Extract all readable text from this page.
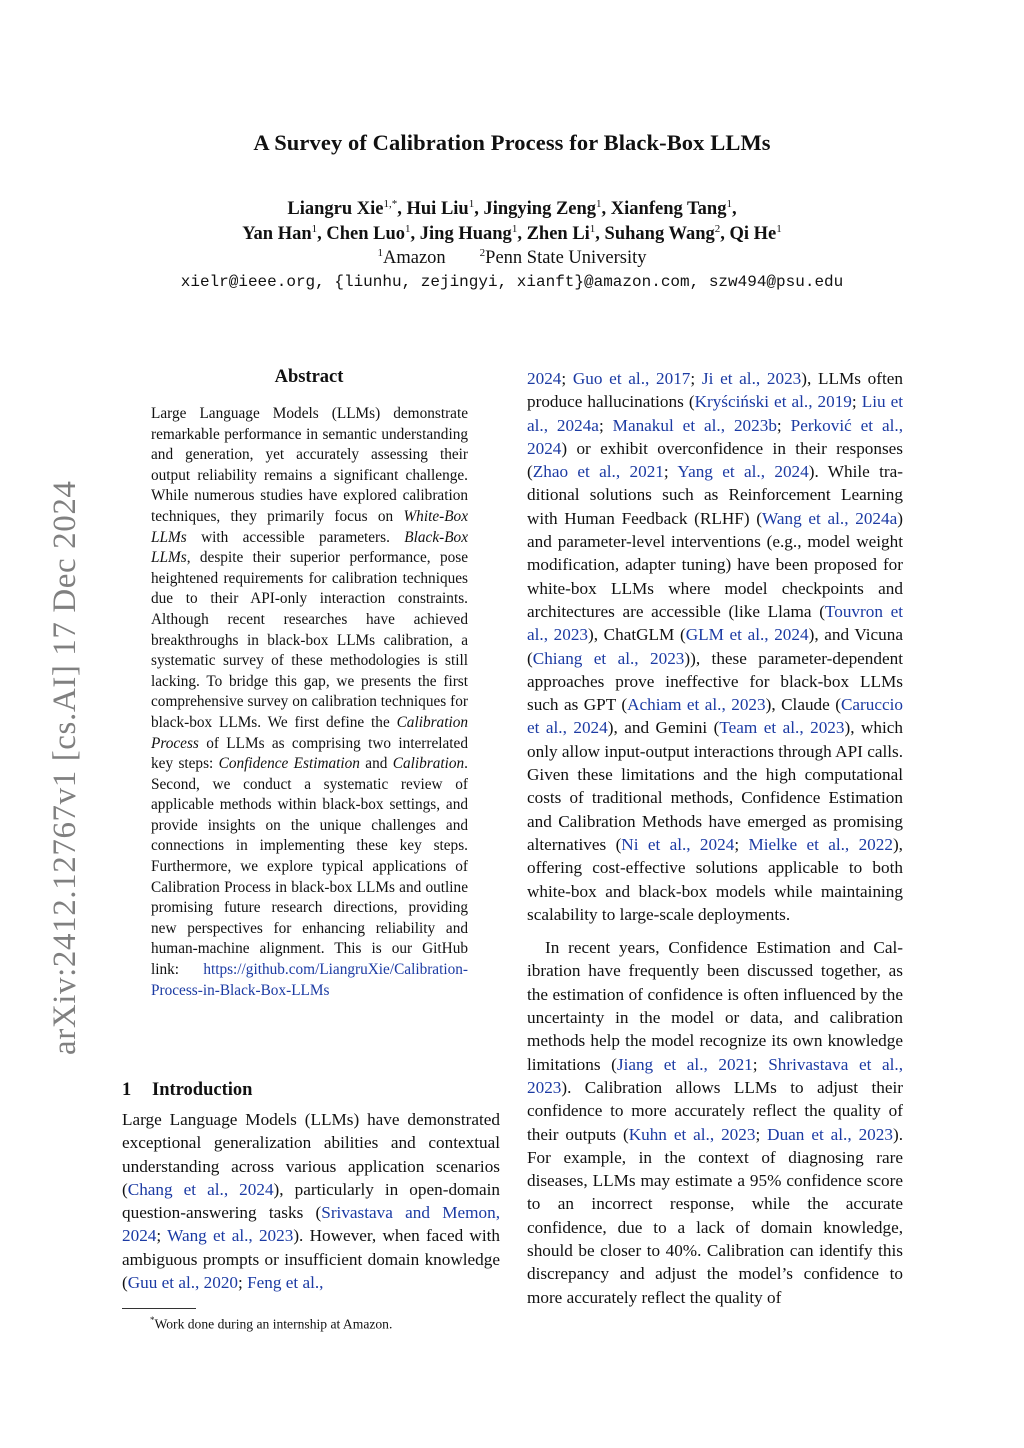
A Survey of Calibration Process for Black-Box LLMs
Liangru Xie$^{1,*}$, Hui Liu$^1$, Jingying Zeng$^1$, Xianfeng Tang$^1$,
Yan Han$^1$, Chen Luo$^1$, Jing Huang$^1$, Zhen Li$^1$, Suhang Wang$^2$, Qi He$^1$
$^1$Amazon	$^2$Penn State University
xielr@ieee.org, {liunhu, zejingyi, xianft}@amazon.com, szw494@psu.edu
arXiv:2412.12767v1 [cs.AI] 17 Dec 2024
Abstract

Large Language Models (LLMs) demonstrate remarkable performance in semantic understanding and generation, yet accurately assessing their output reliability remains a significant challenge. While numerous studies have explored calibration techniques, they primarily focus on White-Box LLMs with accessible parameters. Black-Box LLMs, despite their superior performance, pose heightened requirements for calibration techniques due to their API-only interaction constraints. Although recent researches have achieved breakthroughs in black-box LLMs calibration, a systematic survey of these methodologies is still lacking. To bridge this gap, we presents the first comprehensive survey on calibration techniques for black-box LLMs. We first define the Calibration Process of LLMs as comprising two interrelated key steps: Confidence Estimation and Calibration. Second, we conduct a systematic review of applicable methods within black-box settings, and provide insights on the unique challenges and connections in implementing these key steps. Furthermore, we explore typical applications of Calibration Process in black-box LLMs and outline promising future research directions, providing new perspectives for enhancing reliability and human-machine alignment. This is our GitHub link: https://github.com/LiangruXie/Calibration-Process-in-Black-Box-LLMs

1 Introduction

Large Language Models (LLMs) have demonstrated exceptional generalization abilities and contextual understanding across various application scenarios (Chang et al., 2024), particularly in open-domain question-answering tasks (Srivastava and Memon, 2024; Wang et al., 2023). However, when faced with ambiguous prompts or insufficient domain knowledge (Guu et al., 2020; Feng et al.,

*Work done during an internship at Amazon.

2024; Guo et al., 2017; Ji et al., 2023), LLMs often produce hallucinations (Kryściński et al., 2019; Liu et al., 2024a; Manakul et al., 2023b; Perković et al., 2024) or exhibit overconfidence in their responses (Zhao et al., 2021; Yang et al., 2024). While traditional solutions such as Reinforcement Learning with Human Feedback (RLHF) (Wang et al., 2024a) and parameter-level interventions (e.g., model weight modification, adapter tuning) have been proposed for white-box LLMs where model checkpoints and architectures are accessible (like Llama (Touvron et al., 2023), ChatGLM (GLM et al., 2024), and Vicuna (Chiang et al., 2023)), these parameter-dependent approaches prove ineffective for black-box LLMs such as GPT (Achiam et al., 2023), Claude (Caruccio et al., 2024), and Gemini (Team et al., 2023), which only allow input-output interactions through API calls. Given these limitations and the high computational costs of traditional methods, Confidence Estimation and Calibration Methods have emerged as promising alternatives (Ni et al., 2024; Mielke et al., 2022), offering cost-effective solutions applicable to both white-box and black-box models while maintaining scalability to large-scale deployments.

In recent years, Confidence Estimation and Calibration have frequently been discussed together, as the estimation of confidence is often influenced by the uncertainty in the model or data, and calibration methods help the model recognize its own knowledge limitations (Jiang et al., 2021; Shrivastava et al., 2023). Calibration allows LLMs to adjust their confidence to more accurately reflect the quality of their outputs (Kuhn et al., 2023; Duan et al., 2023). For example, in the context of diagnosing rare diseases, LLMs may estimate a 95% confidence score to an incorrect response, while the accurate confidence, due to a lack of domain knowledge, should be closer to 40%. Calibration can identify this discrepancy and adjust the model’s confidence to more accurately reflect the quality of
